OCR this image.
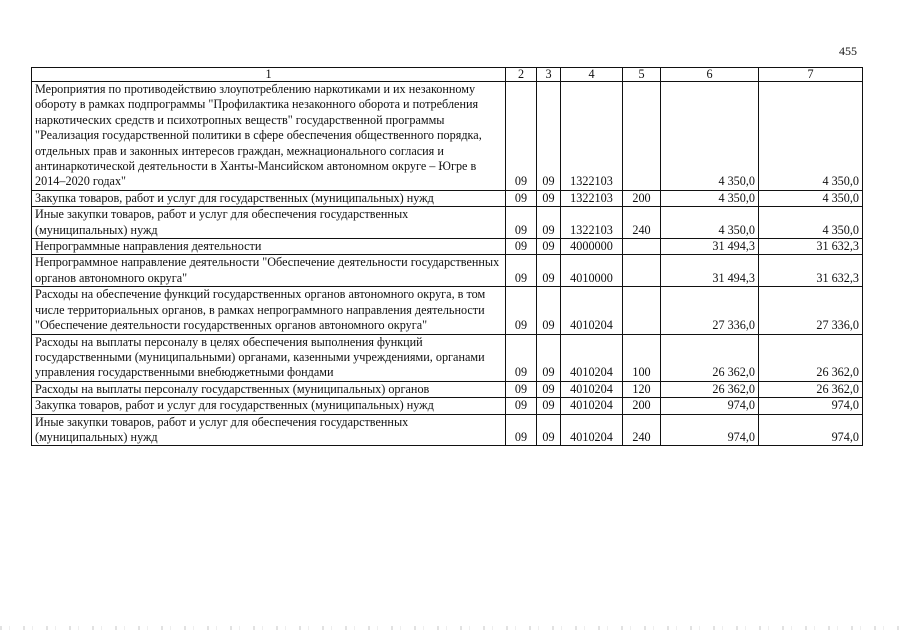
455
1	2	3	4	5	6	7
Мероприятия по противодействию злоупотреблению наркотиками и их незаконному обороту в рамках подпрограммы "Профилактика незаконного оборота и потребления наркотических средств и психотропных веществ" государственной программы "Реализация государственной политики в сфере обеспечения общественного порядка, отдельных прав и законных интересов граждан, межнационального согласия и антинаркотической деятельности в Ханты-Мансийском автономном округе – Югре в 2014–2020 годах"	09	09	1322103		4 350,0	4 350,0
Закупка товаров, работ и услуг для государственных (муниципальных) нужд	09	09	1322103	200	4 350,0	4 350,0
Иные закупки товаров, работ и услуг для обеспечения государственных (муниципальных) нужд	09	09	1322103	240	4 350,0	4 350,0
Непрограммные направления деятельности	09	09	4000000		31 494,3	31 632,3
Непрограммное направление деятельности "Обеспечение деятельности государственных органов автономного округа"	09	09	4010000		31 494,3	31 632,3
Расходы на обеспечение функций государственных органов автономного округа, в том числе территориальных органов, в рамках непрограммного направления деятельности "Обеспечение деятельности государственных органов автономного округа"	09	09	4010204		27 336,0	27 336,0
Расходы на выплаты персоналу в целях обеспечения выполнения функций государственными (муниципальными) органами, казенными учреждениями, органами управления государственными внебюджетными фондами	09	09	4010204	100	26 362,0	26 362,0
Расходы на выплаты персоналу государственных (муниципальных) органов	09	09	4010204	120	26 362,0	26 362,0
Закупка товаров, работ и услуг для государственных (муниципальных) нужд	09	09	4010204	200	974,0	974,0
Иные закупки товаров, работ и услуг для обеспечения государственных (муниципальных) нужд	09	09	4010204	240	974,0	974,0
